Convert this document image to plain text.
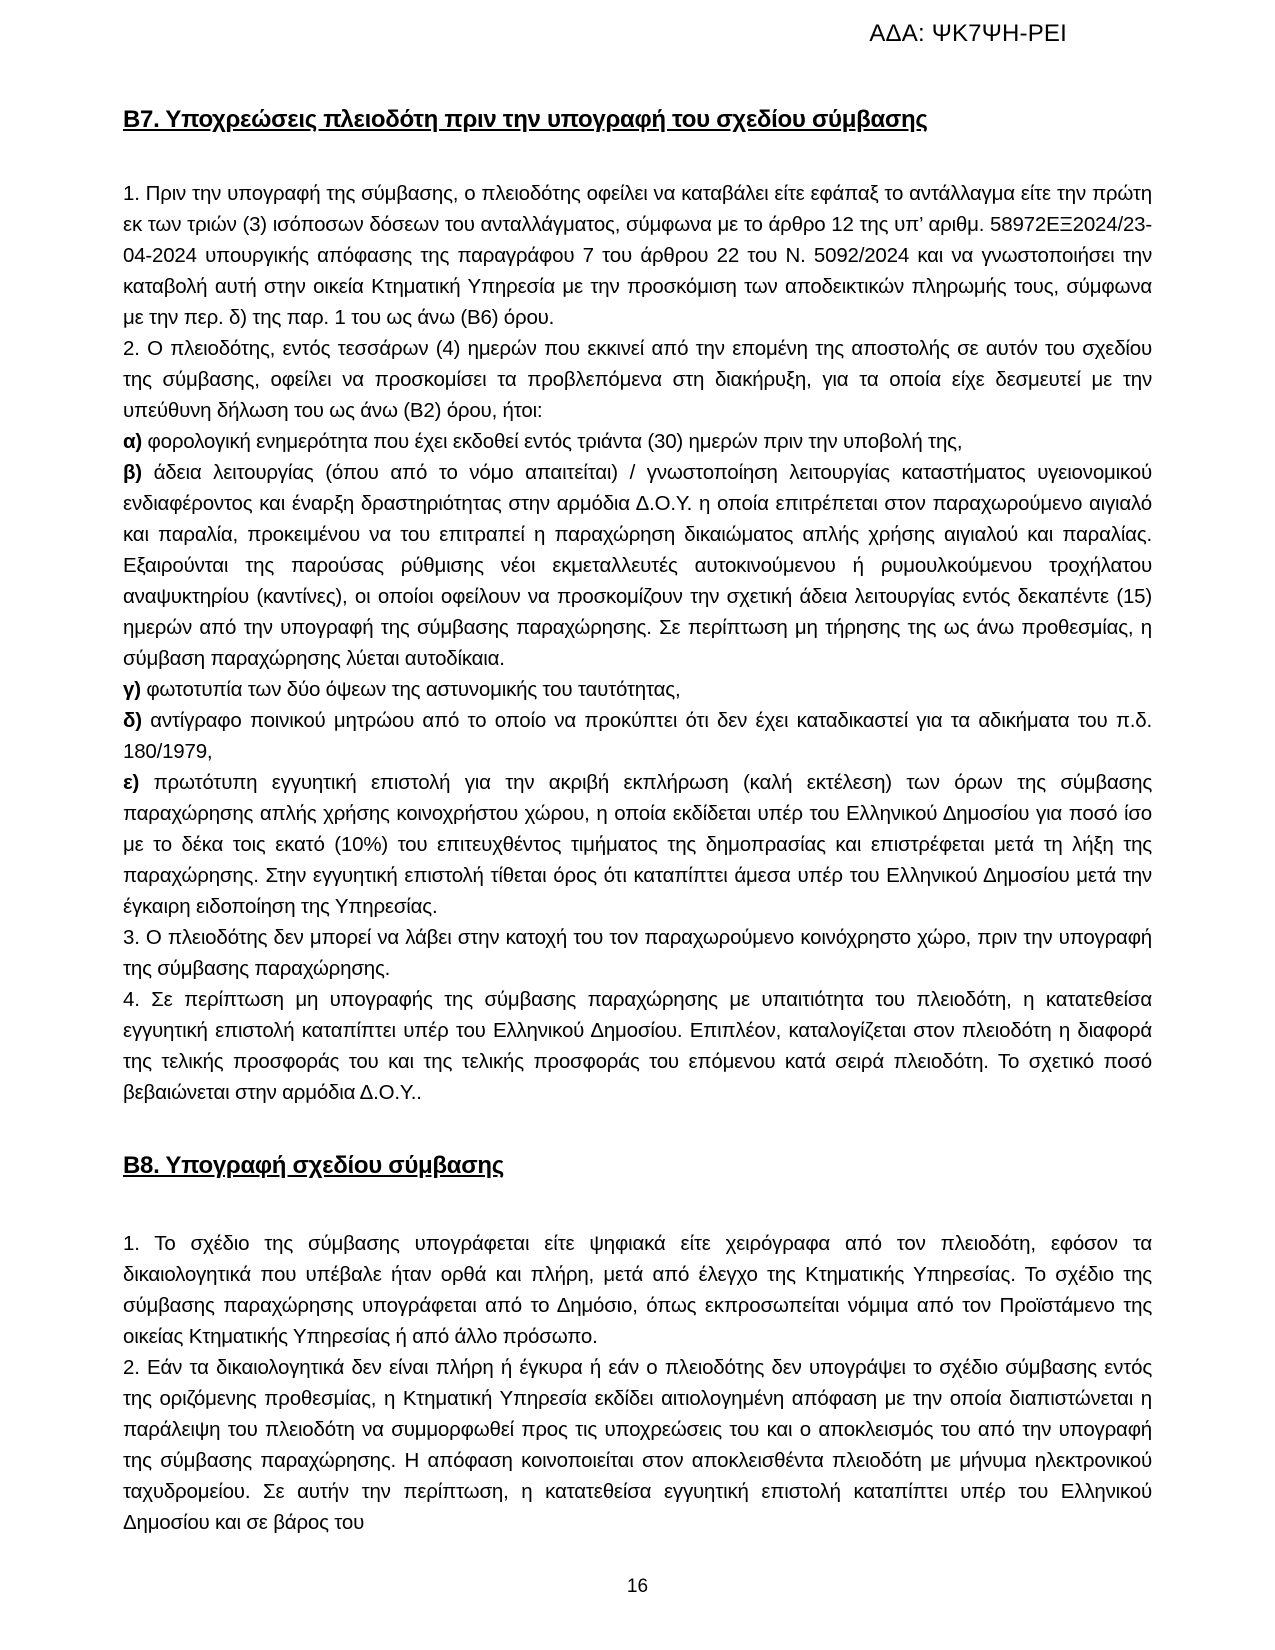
ΑΔΑ: ΨΚ7ΨΗ-ΡΕΙ
Β7. Υποχρεώσεις πλειοδότη πριν την υπογραφή του σχεδίου σύμβασης

1. Πριν την υπογραφή της σύμβασης, ο πλειοδότης οφείλει να καταβάλει είτε εφάπαξ το αντάλλαγμα είτε την πρώτη εκ των τριών (3) ισόποσων δόσεων του ανταλλάγματος, σύμφωνα με το άρθρο 12 της υπ’ αριθμ. 58972ΕΞ2024/23-04-2024 υπουργικής απόφασης της παραγράφου 7 του άρθρου 22 του Ν. 5092/2024 και να γνωστοποιήσει την καταβολή αυτή στην οικεία Κτηματική Υπηρεσία με την προσκόμιση των αποδεικτικών πληρωμής τους, σύμφωνα με την περ. δ) της παρ. 1 του ως άνω (Β6) όρου.

2. Ο πλειοδότης, εντός τεσσάρων (4) ημερών που εκκινεί από την επομένη της αποστολής σε αυτόν του σχεδίου της σύμβασης, οφείλει να προσκομίσει τα προβλεπόμενα στη διακήρυξη, για τα οποία είχε δεσμευτεί με την υπεύθυνη δήλωση του ως άνω (Β2) όρου, ήτοι:

α) φορολογική ενημερότητα που έχει εκδοθεί εντός τριάντα (30) ημερών πριν την υποβολή της,

β) άδεια λειτουργίας (όπου από το νόμο απαιτείται) / γνωστοποίηση λειτουργίας καταστήματος υγειονομικού ενδιαφέροντος και έναρξη δραστηριότητας στην αρμόδια Δ.Ο.Υ. η οποία επιτρέπεται στον παραχωρούμενο αιγιαλό και παραλία, προκειμένου να του επιτραπεί η παραχώρηση δικαιώματος απλής χρήσης αιγιαλού και παραλίας. Εξαιρούνται της παρούσας ρύθμισης νέοι εκμεταλλευτές αυτοκινούμενου ή ρυμουλκούμενου τροχήλατου αναψυκτηρίου (καντίνες), οι οποίοι οφείλουν να προσκομίζουν την σχετική άδεια λειτουργίας εντός δεκαπέντε (15) ημερών από την υπογραφή της σύμβασης παραχώρησης. Σε περίπτωση μη τήρησης της ως άνω προθεσμίας, η σύμβαση παραχώρησης λύεται αυτοδίκαια.

γ) φωτοτυπία των δύο όψεων της αστυνομικής του ταυτότητας,

δ) αντίγραφο ποινικού μητρώου από το οποίο να προκύπτει ότι δεν έχει καταδικαστεί για τα αδικήματα του π.δ. 180/1979,

ε) πρωτότυπη εγγυητική επιστολή για την ακριβή εκπλήρωση (καλή εκτέλεση) των όρων της σύμβασης παραχώρησης απλής χρήσης κοινοχρήστου χώρου, η οποία εκδίδεται υπέρ του Ελληνικού Δημοσίου για ποσό ίσο με το δέκα τοις εκατό (10%) του επιτευχθέντος τιμήματος της δημοπρασίας και επιστρέφεται μετά τη λήξη της παραχώρησης. Στην εγγυητική επιστολή τίθεται όρος ότι καταπίπτει άμεσα υπέρ του Ελληνικού Δημοσίου μετά την έγκαιρη ειδοποίηση της Υπηρεσίας.

3. Ο πλειοδότης δεν μπορεί να λάβει στην κατοχή του τον παραχωρούμενο κοινόχρηστο χώρο, πριν την υπογραφή της σύμβασης παραχώρησης.

4. Σε περίπτωση μη υπογραφής της σύμβασης παραχώρησης με υπαιτιότητα του πλειοδότη, η κατατεθείσα εγγυητική επιστολή καταπίπτει υπέρ του Ελληνικού Δημοσίου. Επιπλέον, καταλογίζεται στον πλειοδότη η διαφορά της τελικής προσφοράς του και της τελικής προσφοράς του επόμενου κατά σειρά πλειοδότη. Το σχετικό ποσό βεβαιώνεται στην αρμόδια Δ.Ο.Υ..

Β8. Υπογραφή σχεδίου σύμβασης

1. Το σχέδιο της σύμβασης υπογράφεται είτε ψηφιακά είτε χειρόγραφα από τον πλειοδότη, εφόσον τα δικαιολογητικά που υπέβαλε ήταν ορθά και πλήρη, μετά από έλεγχο της Κτηματικής Υπηρεσίας. Το σχέδιο της σύμβασης παραχώρησης υπογράφεται από το Δημόσιο, όπως εκπροσωπείται νόμιμα από τον Προϊστάμενο της οικείας Κτηματικής Υπηρεσίας ή από άλλο πρόσωπο.

2. Εάν τα δικαιολογητικά δεν είναι πλήρη ή έγκυρα ή εάν ο πλειοδότης δεν υπογράψει το σχέδιο σύμβασης εντός της οριζόμενης προθεσμίας, η Κτηματική Υπηρεσία εκδίδει αιτιολογημένη απόφαση με την οποία διαπιστώνεται η παράλειψη του πλειοδότη να συμμορφωθεί προς τις υποχρεώσεις του και ο αποκλεισμός του από την υπογραφή της σύμβασης παραχώρησης. Η απόφαση κοινοποιείται στον αποκλεισθέντα πλειοδότη με μήνυμα ηλεκτρονικού ταχυδρομείου. Σε αυτήν την περίπτωση, η κατατεθείσα εγγυητική επιστολή καταπίπτει υπέρ του Ελληνικού Δημοσίου και σε βάρος του

16
